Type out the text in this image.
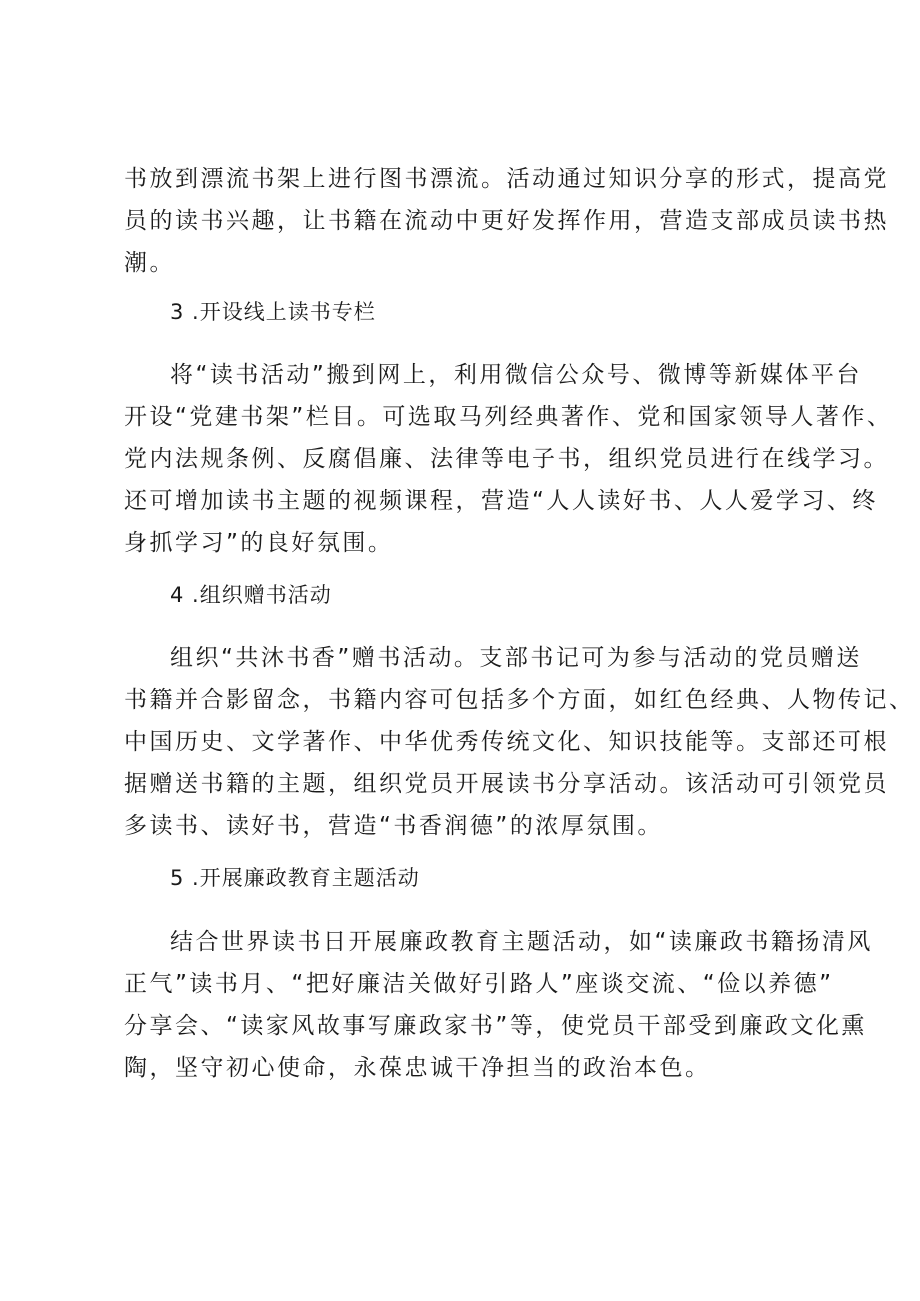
书放到漂流书架上进行图书漂流。活动通过知识分享的形式，提高党
员的读书兴趣，让书籍在流动中更好发挥作用，营造支部成员读书热
潮。
3 .开设线上读书专栏
将“读书活动”搬到网上，利用微信公众号、微博等新媒体平台
开设“党建书架”栏目。可选取马列经典著作、党和国家领导人著作、
党内法规条例、反腐倡廉、法律等电子书，组织党员进行在线学习。
还可增加读书主题的视频课程，营造“人人读好书、人人爱学习、终
身抓学习”的良好氛围。
4 .组织赠书活动
组织“共沐书香”赠书活动。支部书记可为参与活动的党员赠送
书籍并合影留念，书籍内容可包括多个方面，如红色经典、人物传记、
中国历史、文学著作、中华优秀传统文化、知识技能等。支部还可根
据赠送书籍的主题，组织党员开展读书分享活动。该活动可引领党员
多读书、读好书，营造“书香润德”的浓厚氛围。
5 .开展廉政教育主题活动
结合世界读书日开展廉政教育主题活动，如“读廉政书籍扬清风
正气”读书月、“把好廉洁关做好引路人”座谈交流、“俭以养德”
分享会、“读家风故事写廉政家书”等，使党员干部受到廉政文化熏
陶，坚守初心使命，永葆忠诚干净担当的政治本色。
